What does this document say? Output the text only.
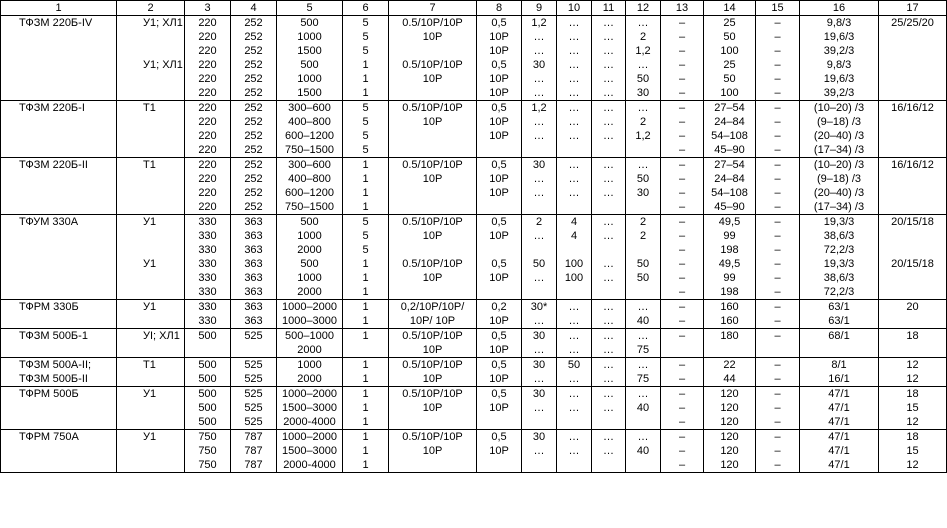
1	2	3	4	5	6	7	8	9	10	11	12	13	14	15	16	17
ТФЗМ 220Б-IV	У1; ХЛ1	220	252	500	5	0.5/10Р/10Р	0,5	1,2	…	…	…	–	25	–	9,8/3	25/25/20
		220	252	1000	5	10Р	10Р	…	…	…	2	–	50	–	19,6/3	
		220	252	1500	5		10Р	…	…	…	1,2	–	100	–	39,2/3	
	У1; ХЛ1	220	252	500	1	0.5/10Р/10Р	0,5	30	…	…	…	–	25	–	9,8/3	
		220	252	1000	1	10Р	10Р	…	…	…	50	–	50	–	19,6/3	
		220	252	1500	1		10Р	…	…	…	30	–	100	–	39,2/3	
ТФЗМ 220Б-I	Т1	220	252	300–600	5	0.5/10Р/10Р	0,5	1,2	…	…	…	–	27–54	–	(10–20) /3	16/16/12
		220	252	400–800	5	10Р	10Р	…	…	…	2	–	24–84	–	(9–18) /3	
		220	252	600–1200	5		10Р	…	…	…	1,2	–	54–108	–	(20–40) /3	
		220	252	750–1500	5							–	45–90	–	(17–34) /3	
ТФЗМ 220Б-II	Т1	220	252	300–600	1	0.5/10Р/10Р	0,5	30	…	…	…	–	27–54	–	(10–20) /3	16/16/12
		220	252	400–800	1	10Р	10Р	…	…	…	50	–	24–84	–	(9–18) /3	
		220	252	600–1200	1		10Р	…	…	…	30	–	54–108	–	(20–40) /3	
		220	252	750–1500	1							–	45–90	–	(17–34) /3	
ТФУМ 330А	У1	330	363	500	5	0.5/10Р/10Р	0,5	2	4	…	2	–	49,5	–	19,3/3	20/15/18
		330	363	1000	5	10Р	10Р	…	4	…	2	–	99	–	38,6/3	
		330	363	2000	5							–	198	–	72,2/3	
	У1	330	363	500	1	0.5/10Р/10Р	0,5	50	100	…	50	–	49,5	–	19,3/3	20/15/18
		330	363	1000	1	10Р	10Р	…	100	…	50	–	99	–	38,6/3	
		330	363	2000	1							–	198	–	72,2/3	
ТФРМ 330Б	У1	330	363	1000–2000	1	0,2/10Р/10Р/	0,2	30*	…	…	…	–	160	–	63/1	20
		330	363	1000–3000	1	10Р/ 10Р	10Р	…	…	…	40	–	160	–	63/1	
ТФЗМ 500Б-1	УI; ХЛ1	500	525	500–1000	1	0.5/10Р/10Р	0,5	30	…	…	…	–	180	–	68/1	18
				2000		10Р	10Р	…	…	…	75					
ТФЗМ 500А-II;	Т1	500	525	1000	1	0.5/10Р/10Р	0,5	30	50	…	…	–	22	–	8/1	12
ТФЗМ 500Б-II		500	525	2000	1	10Р	10Р	…	…	…	75	–	44	–	16/1	12
ТФРМ 500Б	У1	500	525	1000–2000	1	0.5/10Р/10Р	0,5	30	…	…	…	–	120	–	47/1	18
		500	525	1500–3000	1	10Р	10Р	…	…	…	40	–	120	–	47/1	15
		500	525	2000-4000	1							–	120	–	47/1	12
ТФРМ 750А	У1	750	787	1000–2000	1	0.5/10Р/10Р	0,5	30	…	…	…	–	120	–	47/1	18
		750	787	1500–3000	1	10Р	10Р	…	…	…	40	–	120	–	47/1	15
		750	787	2000-4000	1							–	120	–	47/1	12
